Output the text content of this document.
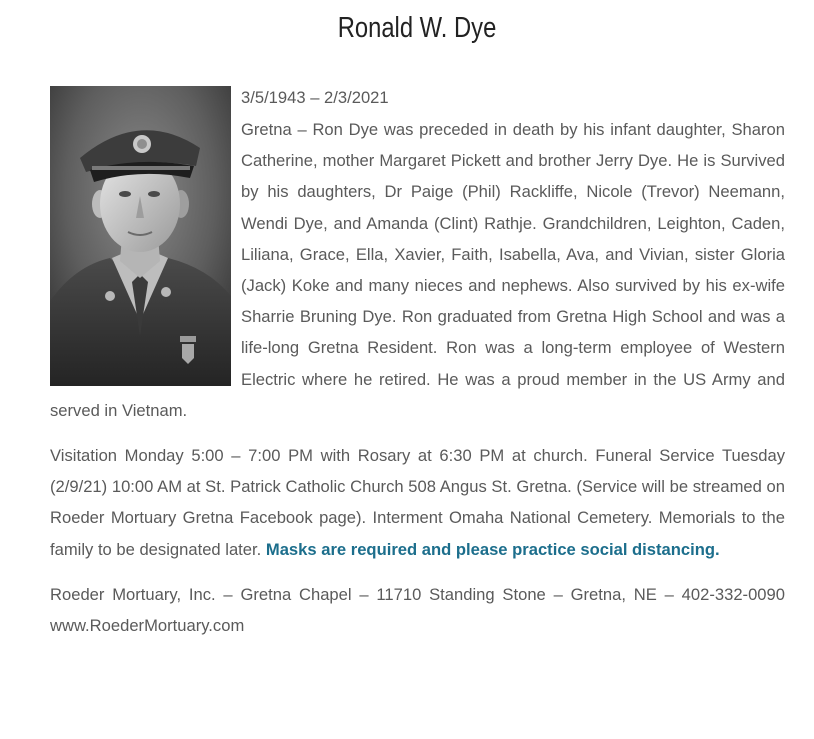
Ronald W. Dye

3/5/1943 – 2/3/2021

Gretna – Ron Dye was preceded in death by his infant daughter, Sharon Catherine, mother Margaret Pickett and brother Jerry Dye. He is Survived by his daughters, Dr Paige (Phil) Rackliffe, Nicole (Trevor) Neemann, Wendi Dye, and Amanda (Clint) Rathje. Grandchildren, Leighton, Caden, Liliana, Grace, Ella, Xavier, Faith, Isabella, Ava, and Vivian, sister Gloria (Jack) Koke and many nieces and nephews. Also survived by his ex-wife Sharrie Bruning Dye. Ron graduated from Gretna High School and was a life-long Gretna Resident. Ron was a long-term employee of Western Electric where he retired. He was a proud member in the US Army and served in Vietnam.

Visitation Monday 5:00 – 7:00 PM with Rosary at 6:30 PM at church. Funeral Service Tuesday (2/9/21) 10:00 AM at St. Patrick Catholic Church 508 Angus St. Gretna. (Service will be streamed on Roeder Mortuary Gretna Facebook page). Interment Omaha National Cemetery. Memorials to the family to be designated later. Masks are required and please practice social distancing.

Roeder Mortuary, Inc. – Gretna Chapel – 11710 Standing Stone – Gretna, NE – 402-332-0090 www.RoederMortuary.com
